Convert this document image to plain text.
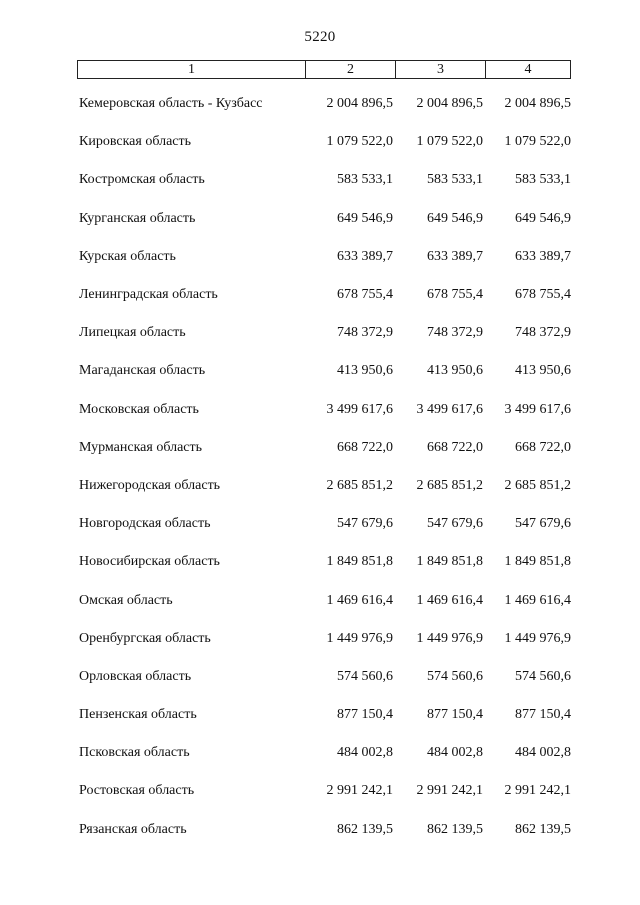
5220
1	2	3	4
Кемеровская область - Кузбасс	2 004 896,5	2 004 896,5	2 004 896,5
Кировская область	1 079 522,0	1 079 522,0	1 079 522,0
Костромская область	583 533,1	583 533,1	583 533,1
Курганская область	649 546,9	649 546,9	649 546,9
Курская область	633 389,7	633 389,7	633 389,7
Ленинградская область	678 755,4	678 755,4	678 755,4
Липецкая область	748 372,9	748 372,9	748 372,9
Магаданская область	413 950,6	413 950,6	413 950,6
Московская область	3 499 617,6	3 499 617,6	3 499 617,6
Мурманская область	668 722,0	668 722,0	668 722,0
Нижегородская область	2 685 851,2	2 685 851,2	2 685 851,2
Новгородская область	547 679,6	547 679,6	547 679,6
Новосибирская область	1 849 851,8	1 849 851,8	1 849 851,8
Омская область	1 469 616,4	1 469 616,4	1 469 616,4
Оренбургская область	1 449 976,9	1 449 976,9	1 449 976,9
Орловская область	574 560,6	574 560,6	574 560,6
Пензенская область	877 150,4	877 150,4	877 150,4
Псковская область	484 002,8	484 002,8	484 002,8
Ростовская область	2 991 242,1	2 991 242,1	2 991 242,1
Рязанская область	862 139,5	862 139,5	862 139,5
